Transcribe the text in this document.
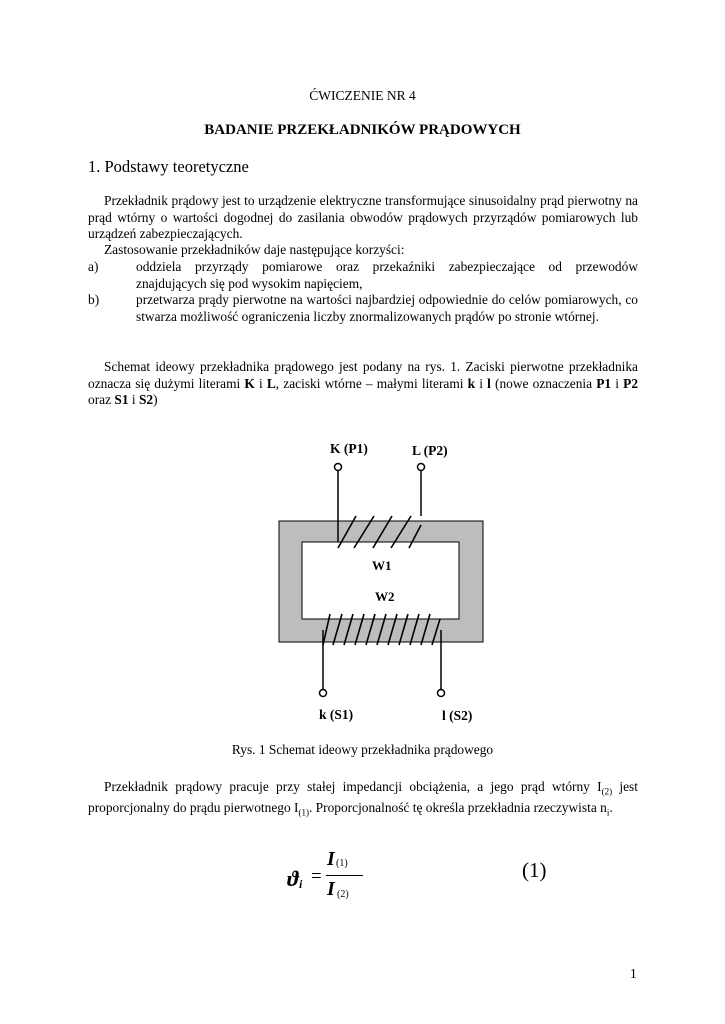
ĆWICZENIE NR 4
BADANIE PRZEKŁADNIKÓW PRĄDOWYCH
1. Podstawy teoretyczne
Przekładnik prądowy jest to urządzenie elektryczne transformujące sinusoidalny prąd pierwotny na prąd wtórny o wartości dogodnej do zasilania obwodów prądowych przyrządów pomiarowych lub urządzeń zabezpieczających.
Zastosowanie przekładników daje następujące korzyści:
a)	oddziela przyrządy pomiarowe oraz przekaźniki zabezpieczające od przewodów znajdujących się pod wysokim napięciem,
b)	przetwarza prądy pierwotne na wartości najbardziej odpowiednie do celów pomiarowych, co stwarza możliwość ograniczenia liczby znormalizowanych prądów po stronie wtórnej.
Schemat ideowy przekładnika prądowego jest podany na rys. 1. Zaciski pierwotne przekładnika oznacza się dużymi literami K i L, zaciski wtórne – małymi literami k i l (nowe oznaczenia P1 i P2 oraz S1 i S2)
K (P1)	L (P2)
W1
W2
k (S1)	l (S2)
Rys. 1 Schemat ideowy przekładnika prądowego
Przekładnik prądowy pracuje przy stałej impedancji obciążenia, a jego prąd wtórny $I_{(2)}$ jest proporcjonalny do prądu pierwotnego $I_{(1)}$. Proporcjonalność tę określa przekładnia rzeczywista $n_i$.
ϑ i =
I (1)
I (2)
(1)
1
